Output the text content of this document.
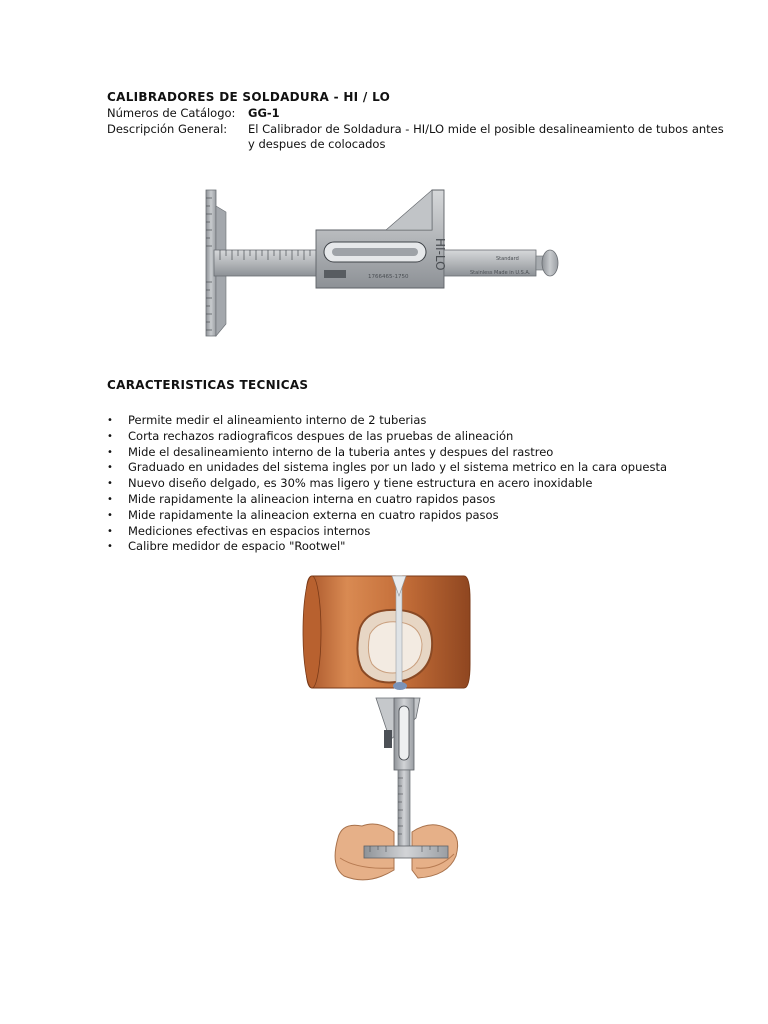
CALIBRADORES DE SOLDADURA - HI / LO
Números de Catálogo:	GG-1
Descripción General:	El Calibrador de Soldadura - HI/LO mide el posible desalineamiento de tubos antes y despues de colocados
HI-LO	Standard
Stainless Made in U.S.A.
1766465-1750
CARACTERISTICAS TECNICAS
•	Permite medir el alineamiento interno de 2 tuberias
•	Corta rechazos radiograficos despues de las pruebas de alineación
•	Mide el desalineamiento interno de la tuberia antes y despues del rastreo
•	Graduado en unidades del sistema ingles por un lado y el sistema metrico en la cara opuesta
•	Nuevo diseño delgado, es 30% mas ligero y tiene estructura en acero inoxidable
•	Mide rapidamente la alineacion interna en cuatro rapidos pasos
•	Mide rapidamente la alineacion externa en cuatro rapidos pasos
•	Mediciones efectivas en espacios internos
•	Calibre medidor de espacio "Rootwel"
